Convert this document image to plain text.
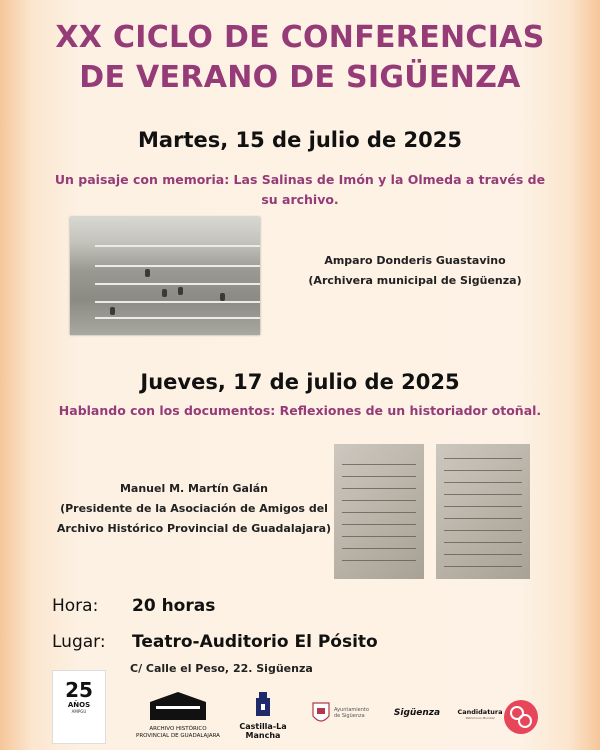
XX CICLO DE CONFERENCIAS
DE VERANO DE SIGÜENZA
Martes, 15 de julio de 2025
Un paisaje con memoria: Las Salinas de Imón y la Olmeda a través de
su archivo.
Amparo Donderis Guastavino
(Archivera municipal de Sigüenza)
Jueves, 17 de julio de 2025
Hablando con los documentos: Reflexiones de un historiador otoñal.
Manuel M. Martín Galán
(Presidente de la Asociación de Amigos del
Archivo Histórico Provincial de Guadalajara)
Hora: 20 horas
Lugar: Teatro-Auditorio El Pósito
C/ Calle el Peso, 22. Sigüenza
25
AÑOS
AMPGU
ARCHIVO HISTÓRICO
PROVINCIAL DE GUADALAJARA
Castilla-La Mancha
Ayuntamiento
de Sigüenza	Sigüenza	Candidatura
Patrimonio Mundial
